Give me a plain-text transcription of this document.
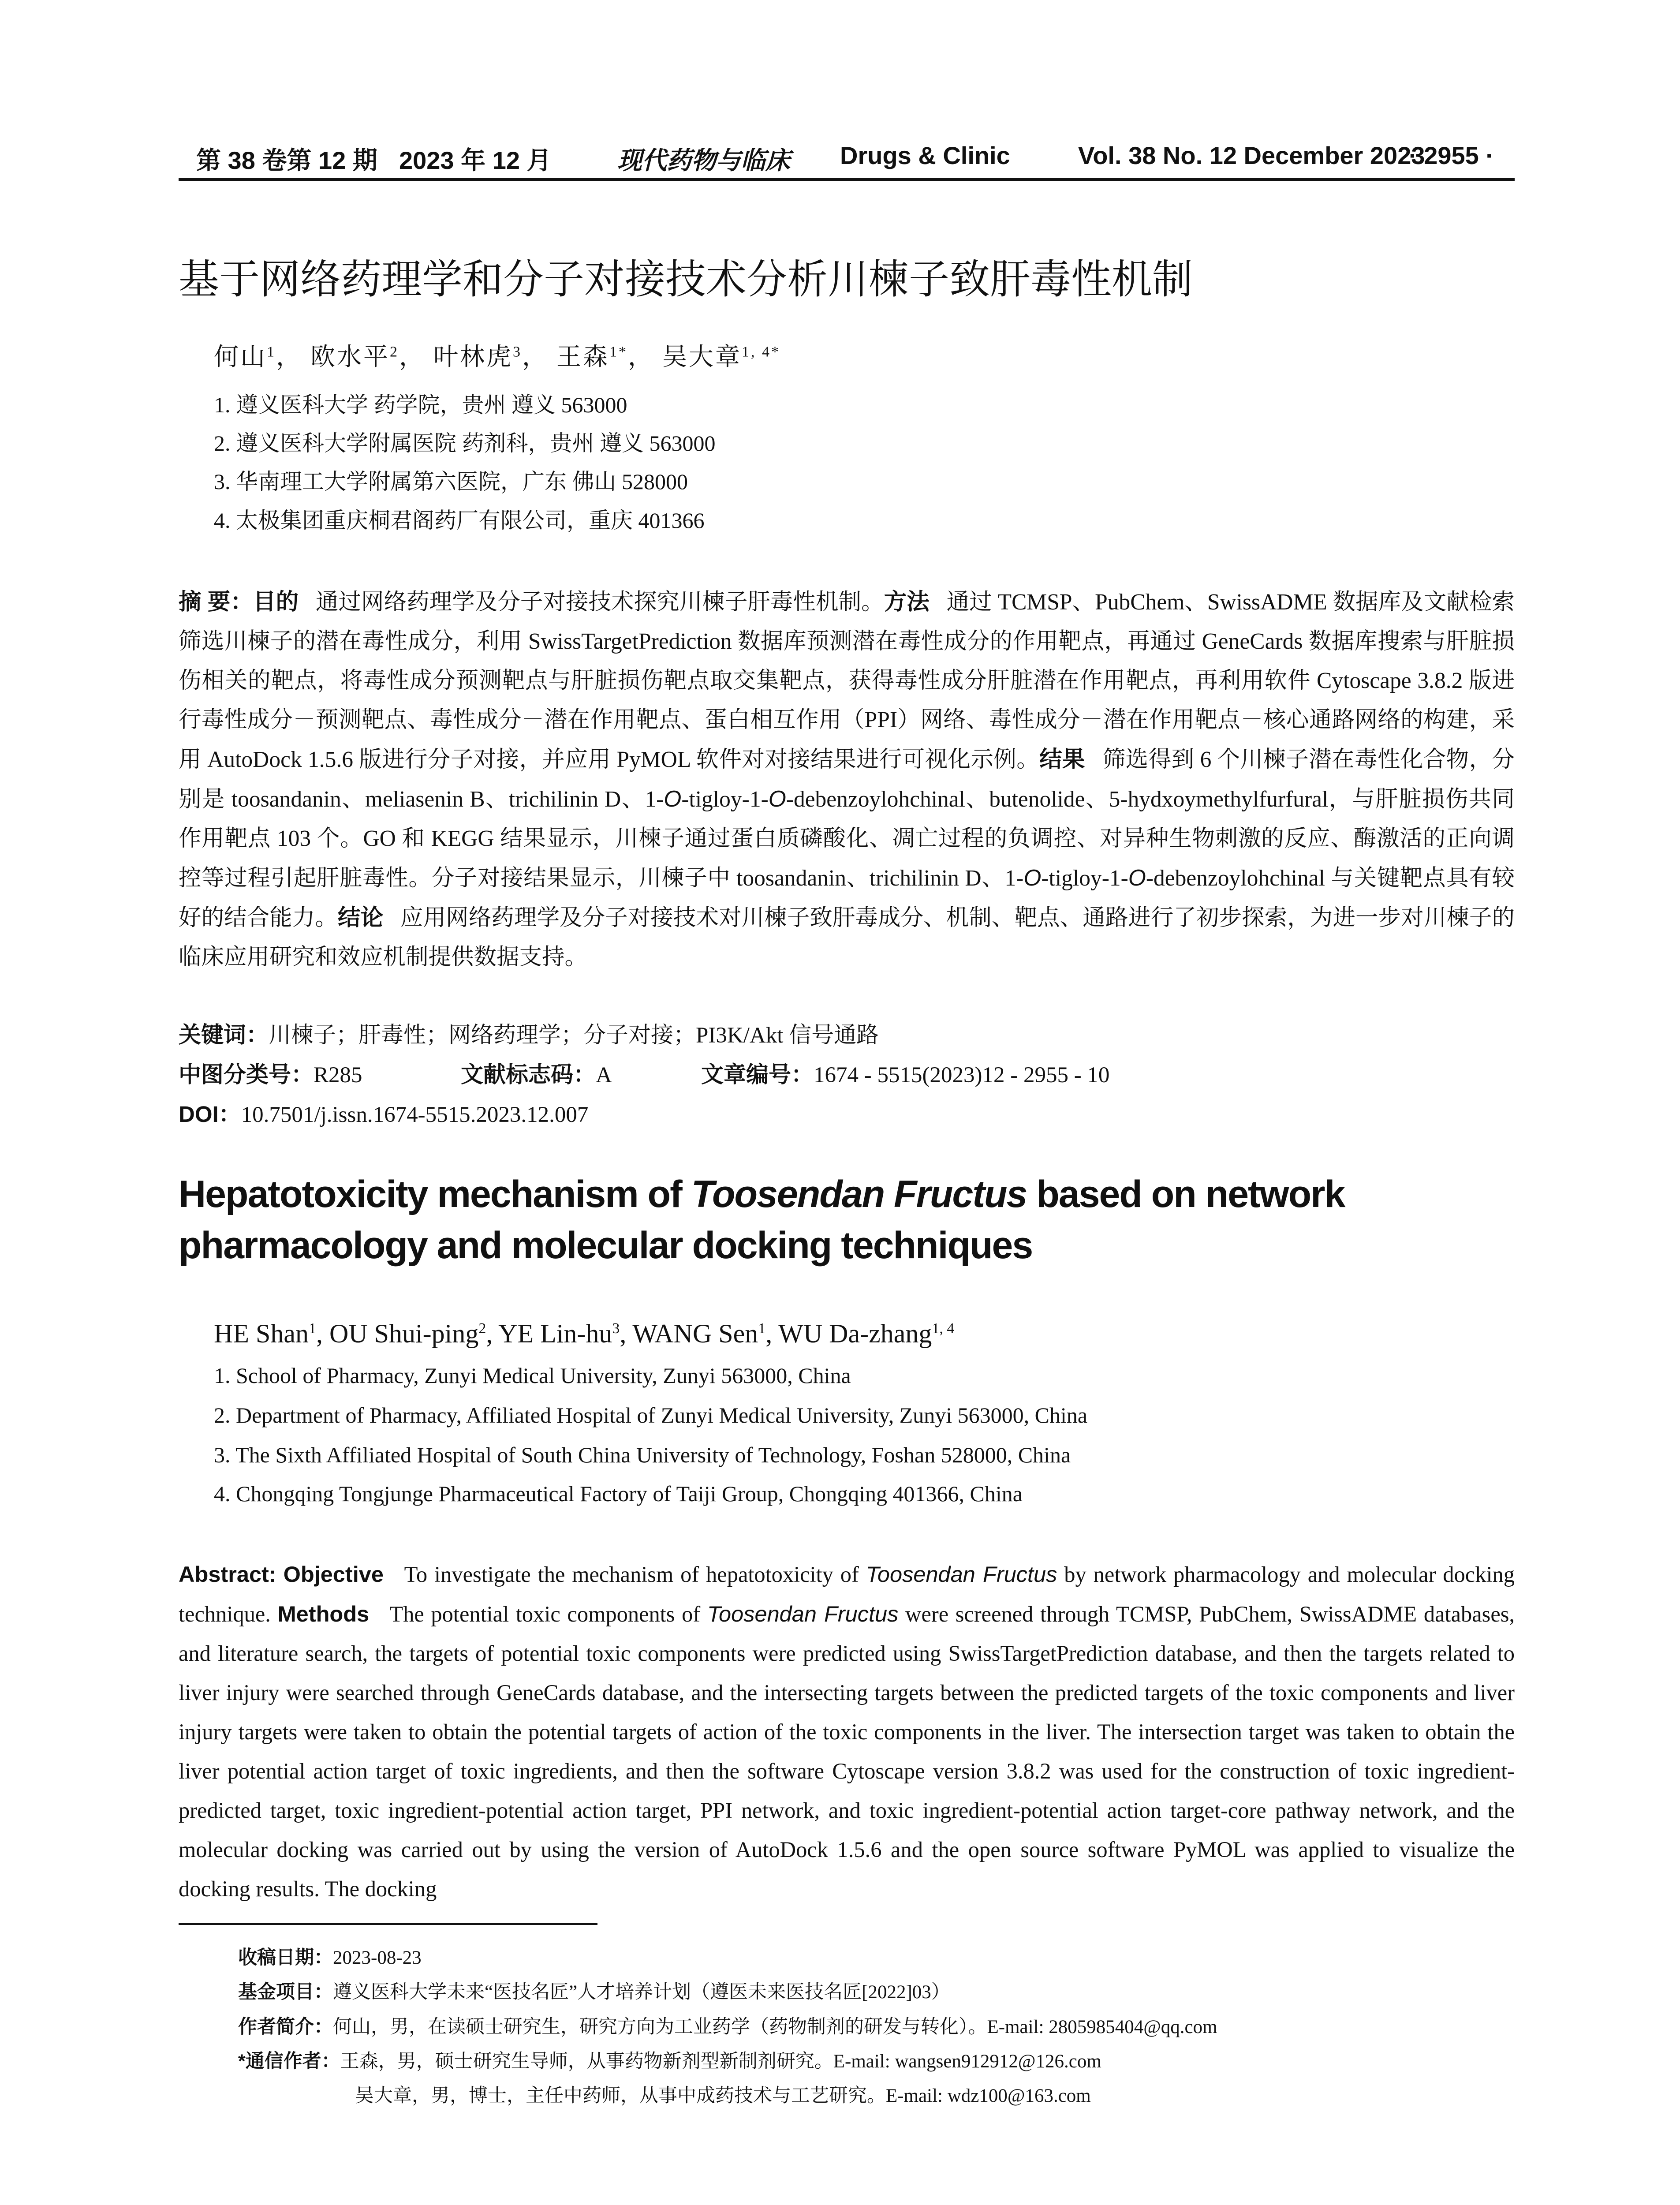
第 38 卷第 12 期 2023 年 12 月	现代药物与临床 Drugs & Clinic	Vol. 38 No. 12 December 2023
· 2955 ·
基于网络药理学和分子对接技术分析川楝子致肝毒性机制
何山$^1$， 欧水平$^2$， 叶林虎$^3$， 王森$^{1*}$， 吴大章$^{1, 4*}$
1. 遵义医科大学 药学院，贵州 遵义 563000
2. 遵义医科大学附属医院 药剂科，贵州 遵义 563000
3. 华南理工大学附属第六医院，广东 佛山 528000
4. 太极集团重庆桐君阁药厂有限公司，重庆 401366
摘 要：目的 通过网络药理学及分子对接技术探究川楝子肝毒性机制。方法 通过 TCMSP、PubChem、SwissADME 数据库及文献检索筛选川楝子的潜在毒性成分，利用 SwissTargetPrediction 数据库预测潜在毒性成分的作用靶点，再通过 GeneCards 数据库搜索与肝脏损伤相关的靶点，将毒性成分预测靶点与肝脏损伤靶点取交集靶点，获得毒性成分肝脏潜在作用靶点，再利用软件 Cytoscape 3.8.2 版进行毒性成分－预测靶点、毒性成分－潜在作用靶点、蛋白相互作用（PPI）网络、毒性成分－潜在作用靶点－核心通路网络的构建，采用 AutoDock 1.5.6 版进行分子对接，并应用 PyMOL 软件对对接结果进行可视化示例。结果 筛选得到 6 个川楝子潜在毒性化合物，分别是 toosandanin、meliasenin B、trichilinin D、1-O-tigloy-1-O-debenzoylohchinal、butenolide、5-hydxoymethylfurfural，与肝脏损伤共同作用靶点 103 个。GO 和 KEGG 结果显示，川楝子通过蛋白质磷酸化、凋亡过程的负调控、对异种生物刺激的反应、酶激活的正向调控等过程引起肝脏毒性。分子对接结果显示，川楝子中 toosandanin、trichilinin D、1-O-tigloy-1-O-debenzoylohchinal 与关键靶点具有较好的结合能力。结论 应用网络药理学及分子对接技术对川楝子致肝毒成分、机制、靶点、通路进行了初步探索，为进一步对川楝子的临床应用研究和效应机制提供数据支持。
关键词：川楝子；肝毒性；网络药理学；分子对接；PI3K/Akt 信号通路
中图分类号：R285	文献标志码：A	文章编号：1674 - 5515(2023)12 - 2955 - 10
DOI：10.7501/j.issn.1674-5515.2023.12.007
Hepatotoxicity mechanism of Toosendan Fructus based on network pharmacology and molecular docking techniques
HE Shan$^1$, OU Shui-ping$^2$, YE Lin-$hu^3$, WANG Sen$^1$, WU Da-zhang$^{1, 4}$
1. School of Pharmacy, Zunyi Medical University, Zunyi 563000, China
2. Department of Pharmacy, Affiliated Hospital of Zunyi Medical University, Zunyi 563000, China
3. The Sixth Affiliated Hospital of South China University of Technology, Foshan 528000, China
4. Chongqing Tongjunge Pharmaceutical Factory of Taiji Group, Chongqing 401366, China
Abstract: Objective To investigate the mechanism of hepatotoxicity of Toosendan Fructus by network pharmacology and molecular docking technique. Methods The potential toxic components of Toosendan Fructus were screened through TCMSP, PubChem, SwissADME databases, and literature search, the targets of potential toxic components were predicted using SwissTargetPrediction database, and then the targets related to liver injury were searched through GeneCards database, and the intersecting targets between the predicted targets of the toxic components and liver injury targets were taken to obtain the potential targets of action of the toxic components in the liver. The intersection target was taken to obtain the liver potential action target of toxic ingredients, and then the software Cytoscape version 3.8.2 was used for the construction of toxic ingredient-predicted target, toxic ingredient-potential action target, PPI network, and toxic ingredient-potential action target-core pathway network, and the molecular docking was carried out by using the version of AutoDock 1.5.6 and the open source software PyMOL was applied to visualize the docking results. The docking
收稿日期：2023-08-23
基金项目：遵义医科大学未来“医技名匠”人才培养计划（遵医未来医技名匠[2022]03）
作者简介：何山，男，在读硕士研究生，研究方向为工业药学（药物制剂的研发与转化）。E-mail: 2805985404@qq.com
*通信作者：王森，男，硕士研究生导师，从事药物新剂型新制剂研究。E-mail: wangsen912912@126.com
吴大章，男，博士，主任中药师，从事中成药技术与工艺研究。E-mail: wdz100@163.com
